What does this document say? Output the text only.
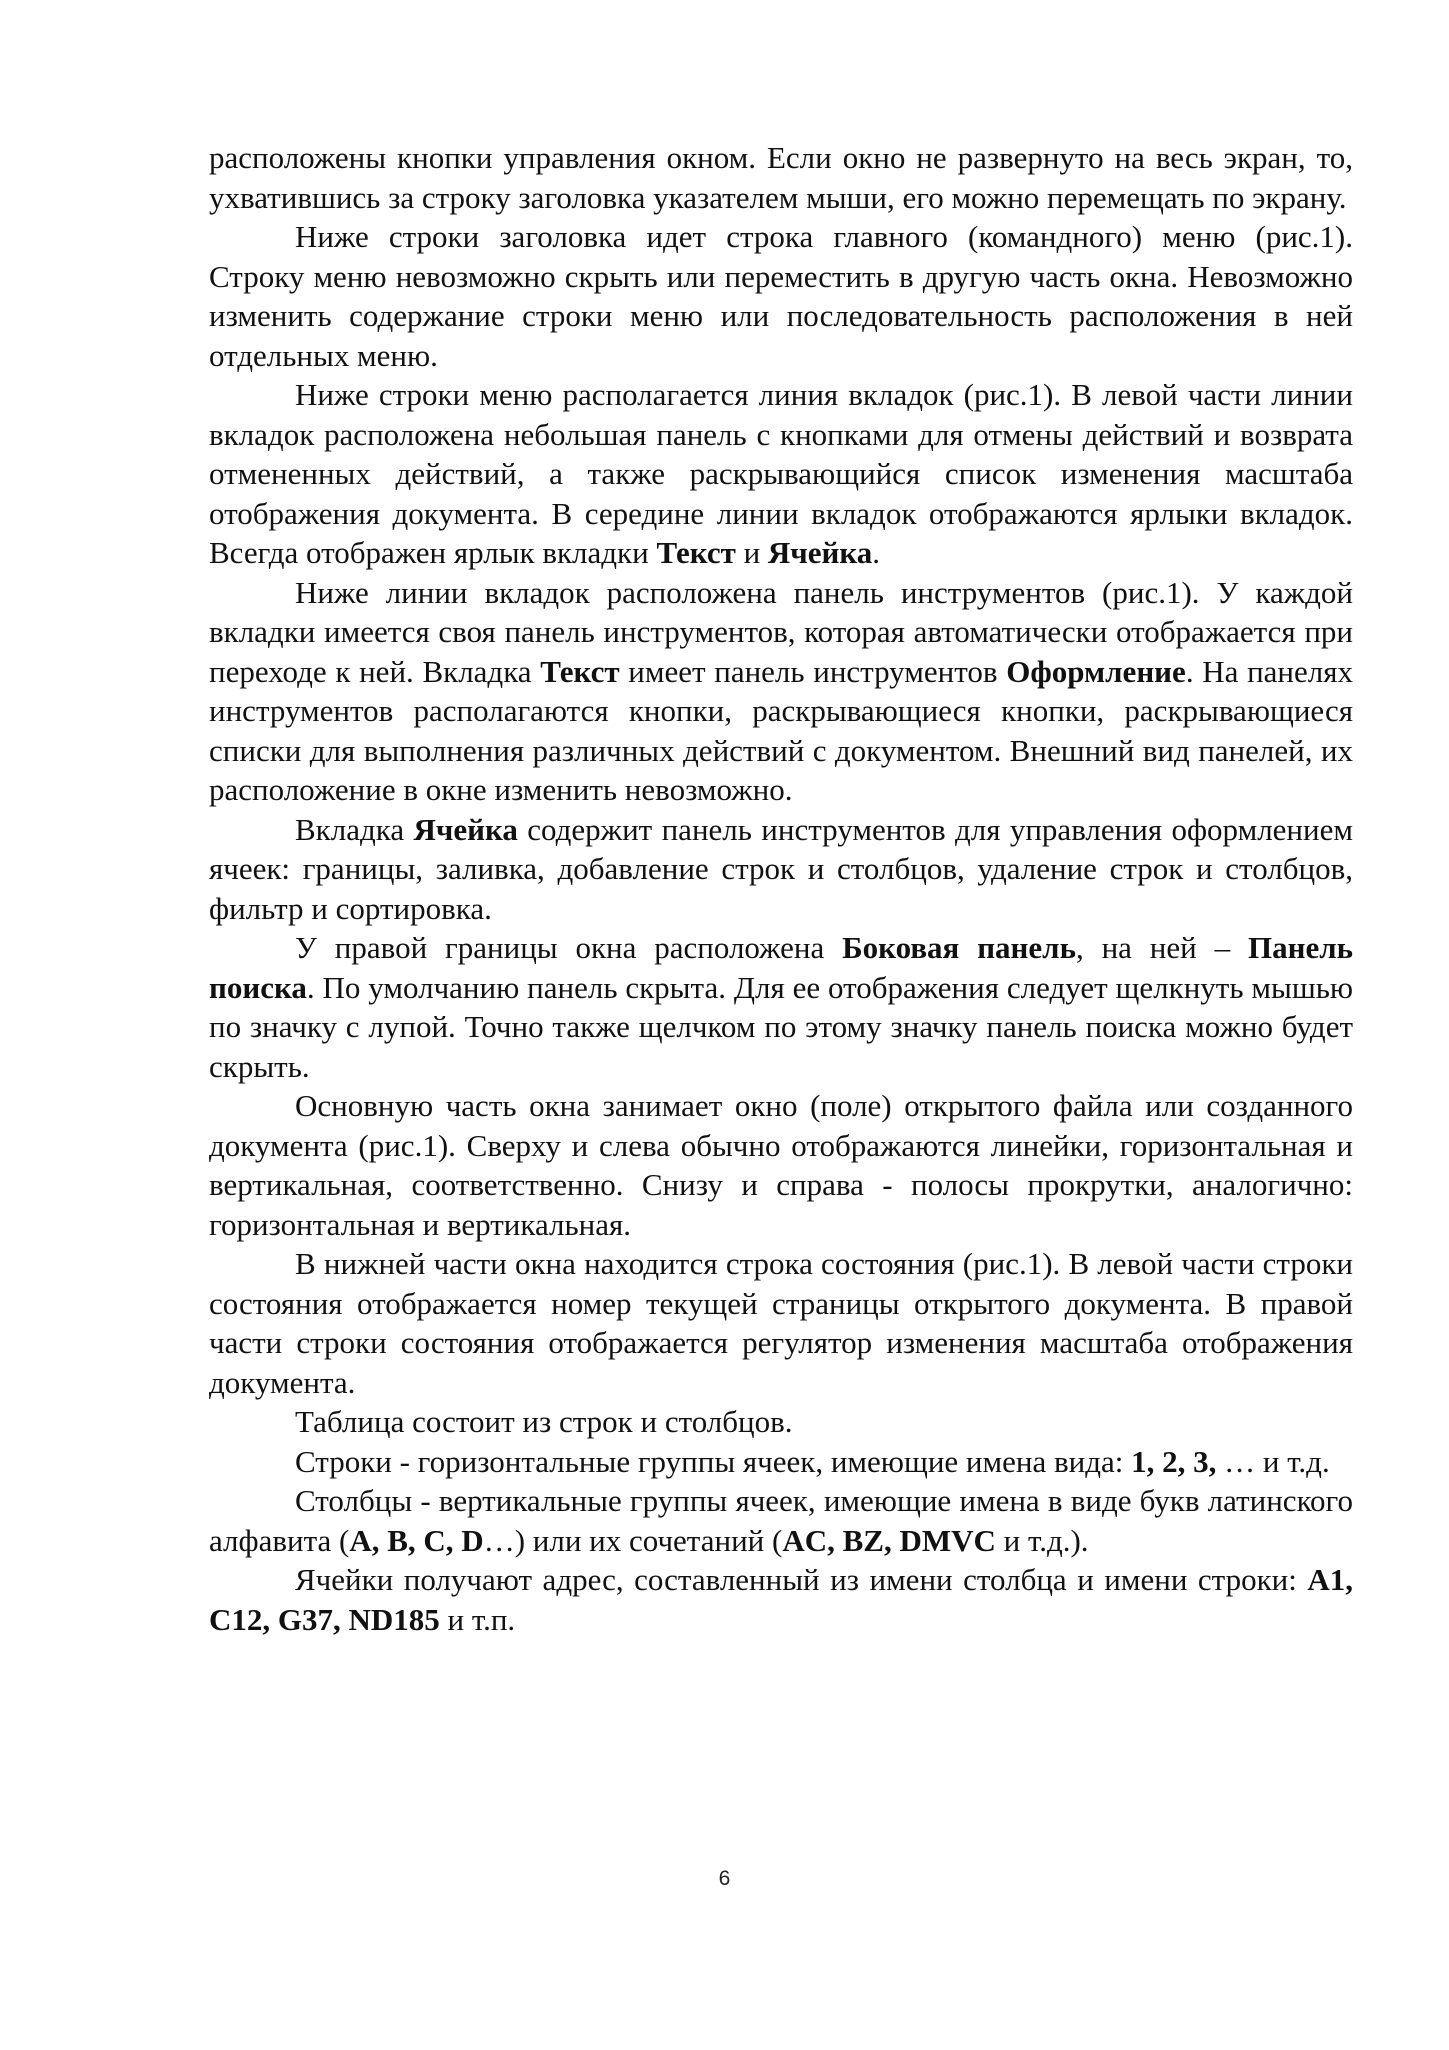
расположены кнопки управления окном. Если окно не развернуто на весь экран, то, ухватившись за строку заголовка указателем мыши, его можно перемещать по экрану.

Ниже строки заголовка идет строка главного (командного) меню (рис.1). Строку меню невозможно скрыть или переместить в другую часть окна. Невозможно изменить содержание строки меню или последовательность расположения в ней отдельных меню.

Ниже строки меню располагается линия вкладок (рис.1). В левой части линии вкладок расположена небольшая панель с кнопками для отмены действий и возврата отмененных действий, а также раскрывающийся список изменения масштаба отображения документа. В середине линии вкладок отображаются ярлыки вкладок. Всегда отображен ярлык вкладки Текст и Ячейка.

Ниже линии вкладок расположена панель инструментов (рис.1). У каждой вкладки имеется своя панель инструментов, которая автоматически отображается при переходе к ней. Вкладка Текст имеет панель инструментов Оформление. На панелях инструментов располагаются кнопки, раскрывающиеся кнопки, раскрывающиеся списки для выполнения различных действий с документом. Внешний вид панелей, их расположение в окне изменить невозможно.

Вкладка Ячейка содержит панель инструментов для управления оформлением ячеек: границы, заливка, добавление строк и столбцов, удаление строк и столбцов, фильтр и сортировка.

У правой границы окна расположена Боковая панель, на ней – Панель поиска. По умолчанию панель скрыта. Для ее отображения следует щелкнуть мышью по значку с лупой. Точно также щелчком по этому значку панель поиска можно будет скрыть.

Основную часть окна занимает окно (поле) открытого файла или созданного документа (рис.1). Сверху и слева обычно отображаются линейки, горизонтальная и вертикальная, соответственно. Снизу и справа - полосы прокрутки, аналогично: горизонтальная и вертикальная.

В нижней части окна находится строка состояния (рис.1). В левой части строки состояния отображается номер текущей страницы открытого документа. В правой части строки состояния отображается регулятор изменения масштаба отображения документа.

Таблица состоит из строк и столбцов.

Строки - горизонтальные группы ячеек, имеющие имена вида: 1, 2, 3, … и т.д.

Столбцы - вертикальные группы ячеек, имеющие имена в виде букв латинского алфавита (A, B, C, D…) или их сочетаний (AC, BZ, DMVC и т.д.).

Ячейки получают адрес, составленный из имени столбца и имени строки: A1, C12, G37, ND185 и т.п.

6
